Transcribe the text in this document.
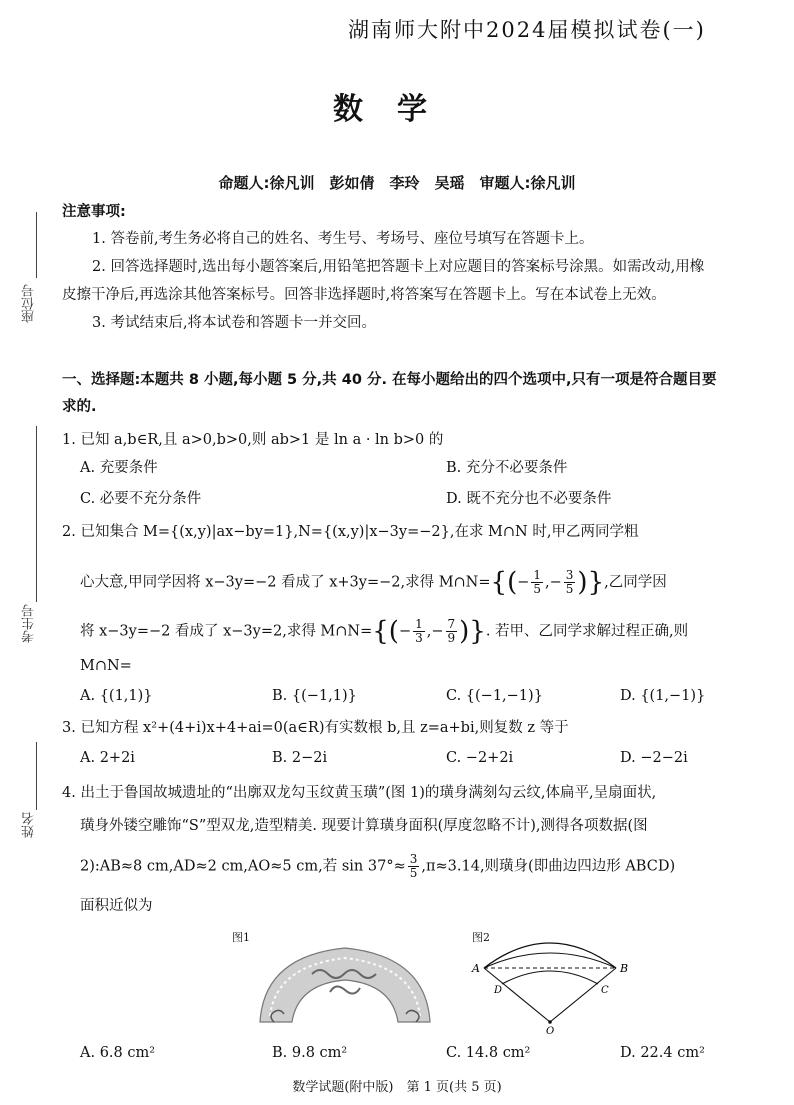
湖南师大附中2024届模拟试卷(一)
数学
命题人:徐凡训　彭如倩　李玲　吴瑶　审题人:徐凡训
座位号
考生号
姓名
注意事项:
1. 答卷前,考生务必将自己的姓名、考生号、考场号、座位号填写在答题卡上。
2. 回答选择题时,选出每小题答案后,用铅笔把答题卡上对应题目的答案标号涂黑。如需改动,用橡
皮擦干净后,再选涂其他答案标号。回答非选择题时,将答案写在答题卡上。写在本试卷上无效。
3. 考试结束后,将本试卷和答题卡一并交回。
一、选择题:本题共 8 小题,每小题 5 分,共 40 分. 在每小题给出的四个选项中,只有一项是符合题目要
求的.
1. 已知 a,b∈R,且 a>0,b>0,则 ab>1 是 ln a · ln b>0 的
A. 充要条件	B. 充分不必要条件
C. 必要不充分条件	D. 既不充分也不必要条件
2. 已知集合 M={(x,y)|ax−by=1},N={(x,y)|x−3y=−2},在求 M∩N 时,甲乙两同学粗
心大意,甲同学因将 x−3y=−2 看成了 x+3y=−2,求得 M∩N={(− $\frac{1}{5}$ ,− $\frac{3}{5}$ )},乙同学因
将 x−3y=−2 看成了 x−3y=2,求得 M∩N={(− $\frac{1}{3}$ ,− $\frac{7}{9}$ )}. 若甲、乙同学求解过程正确,则
M∩N=
A. {(1,1)}	B. {(−1,1)}	C. {(−1,−1)}	D. {(1,−1)}
3. 已知方程 x²+(4+i)x+4+ai=0(a∈R)有实数根 b,且 z=a+bi,则复数 z 等于
A. 2+2i	B. 2−2i	C. −2+2i	D. −2−2i
4. 出土于鲁国故城遗址的“出廓双龙勾玉纹黄玉璜”(图 1)的璜身满刻勾云纹,体扁平,呈扇面状,
璜身外镂空雕饰“S”型双龙,造型精美. 现要计算璜身面积(厚度忽略不计),测得各项数据(图
2):AB≈8 cm,AD≈2 cm,AO≈5 cm,若 $\sin 37^\circ\approx \frac{3}{5} ,\pi\approx 3.14$,则璜身(即曲边四边形 ABCD)
面积近似为
图1	图2
A	B
D	C
O
A. 6.8 cm²	B. 9.8 cm²	C. 14.8 cm²	D. 22.4 cm²
数学试题(附中版)　第 1 页(共 5 页)
